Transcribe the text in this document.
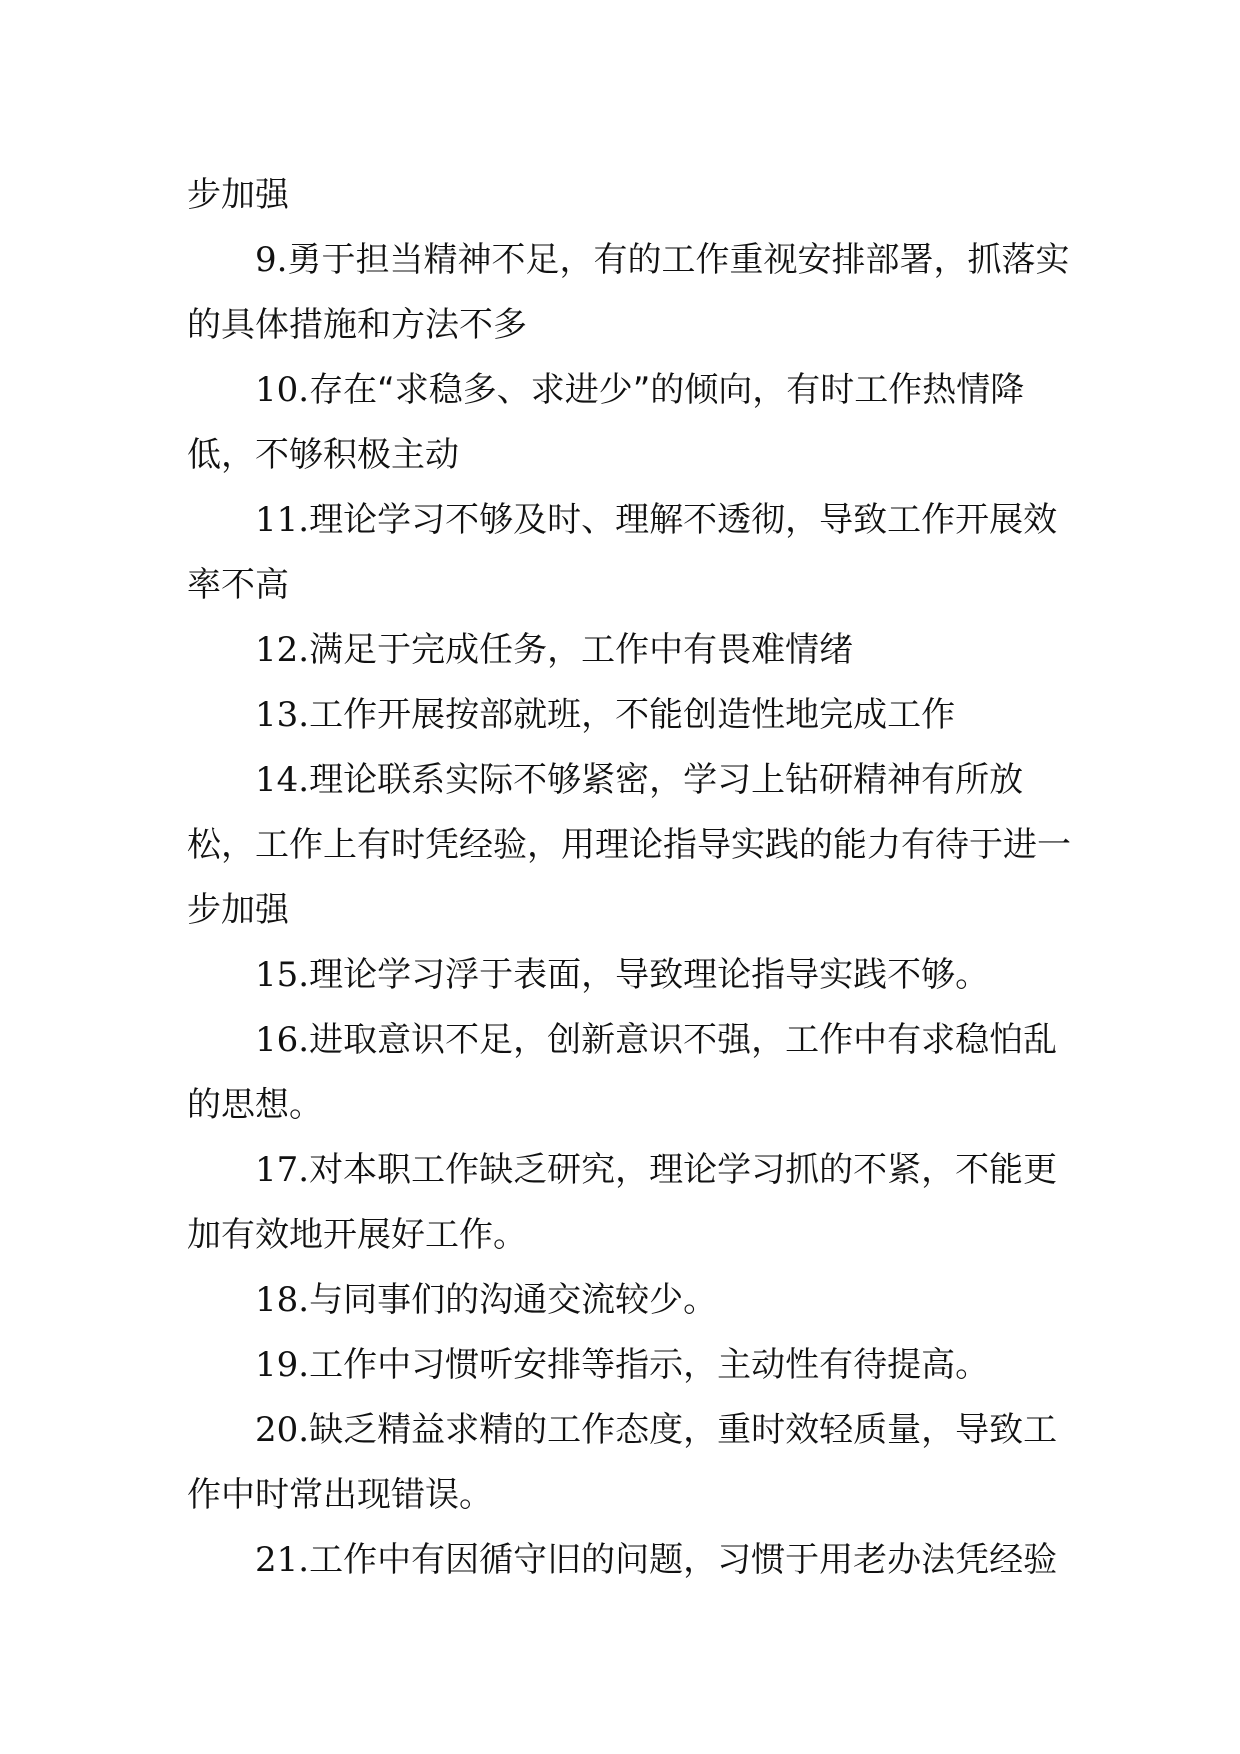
步加强

9.勇于担当精神不足，有的工作重视安排部署，抓落实的具体措施和方法不多

10.存在“求稳多、求进少”的倾向，有时工作热情降低，不够积极主动

11.理论学习不够及时、理解不透彻，导致工作开展效率不高

12.满足于完成任务，工作中有畏难情绪

13.工作开展按部就班，不能创造性地完成工作

14.理论联系实际不够紧密，学习上钻研精神有所放松，工作上有时凭经验，用理论指导实践的能力有待于进一步加强

15.理论学习浮于表面，导致理论指导实践不够。

16.进取意识不足，创新意识不强，工作中有求稳怕乱的思想。

17.对本职工作缺乏研究，理论学习抓的不紧，不能更加有效地开展好工作。

18.与同事们的沟通交流较少。

19.工作中习惯听安排等指示，主动性有待提高。

20.缺乏精益求精的工作态度，重时效轻质量，导致工作中时常出现错误。

21.工作中有因循守旧的问题，习惯于用老办法凭经验
